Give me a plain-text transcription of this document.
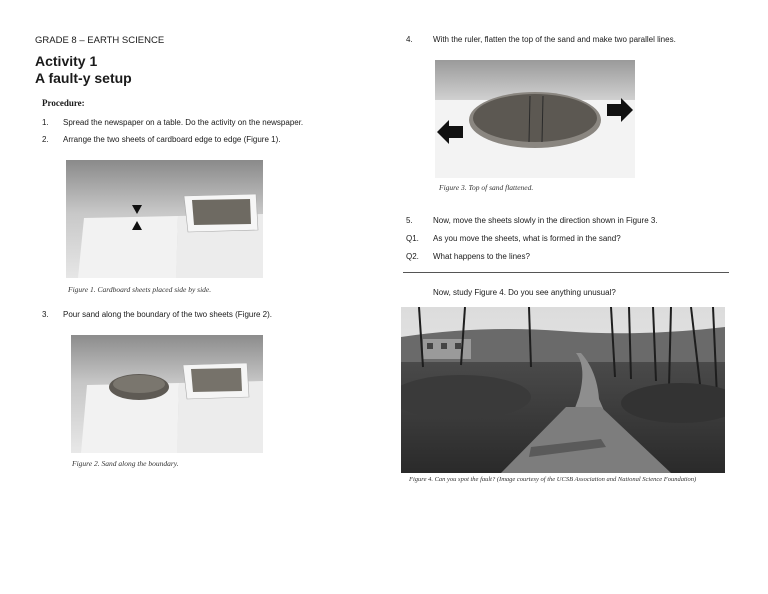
GRADE 8 – EARTH SCIENCE
Activity 1
A fault-y setup
Procedure:
1. Spread the newspaper on a table. Do the activity on the newspaper.
2. Arrange the two sheets of cardboard edge to edge (Figure 1).
Figure 1. Cardboard sheets placed side by side.
3. Pour sand along the boundary of the two sheets (Figure 2).
Figure 2. Sand along the boundary.
4.	With the ruler, flatten the top of the sand and make two parallel lines.
Figure 3. Top of sand flattened.
5.	Now, move the sheets slowly in the direction shown in Figure 3.
Q1. As you move the sheets, what is formed in the sand?
Q2. What happens to the lines?
Now, study Figure 4. Do you see anything unusual?
Figure 4. Can you spot the fault? (Image courtesy of the UCSB Association and National Science Foundation)
